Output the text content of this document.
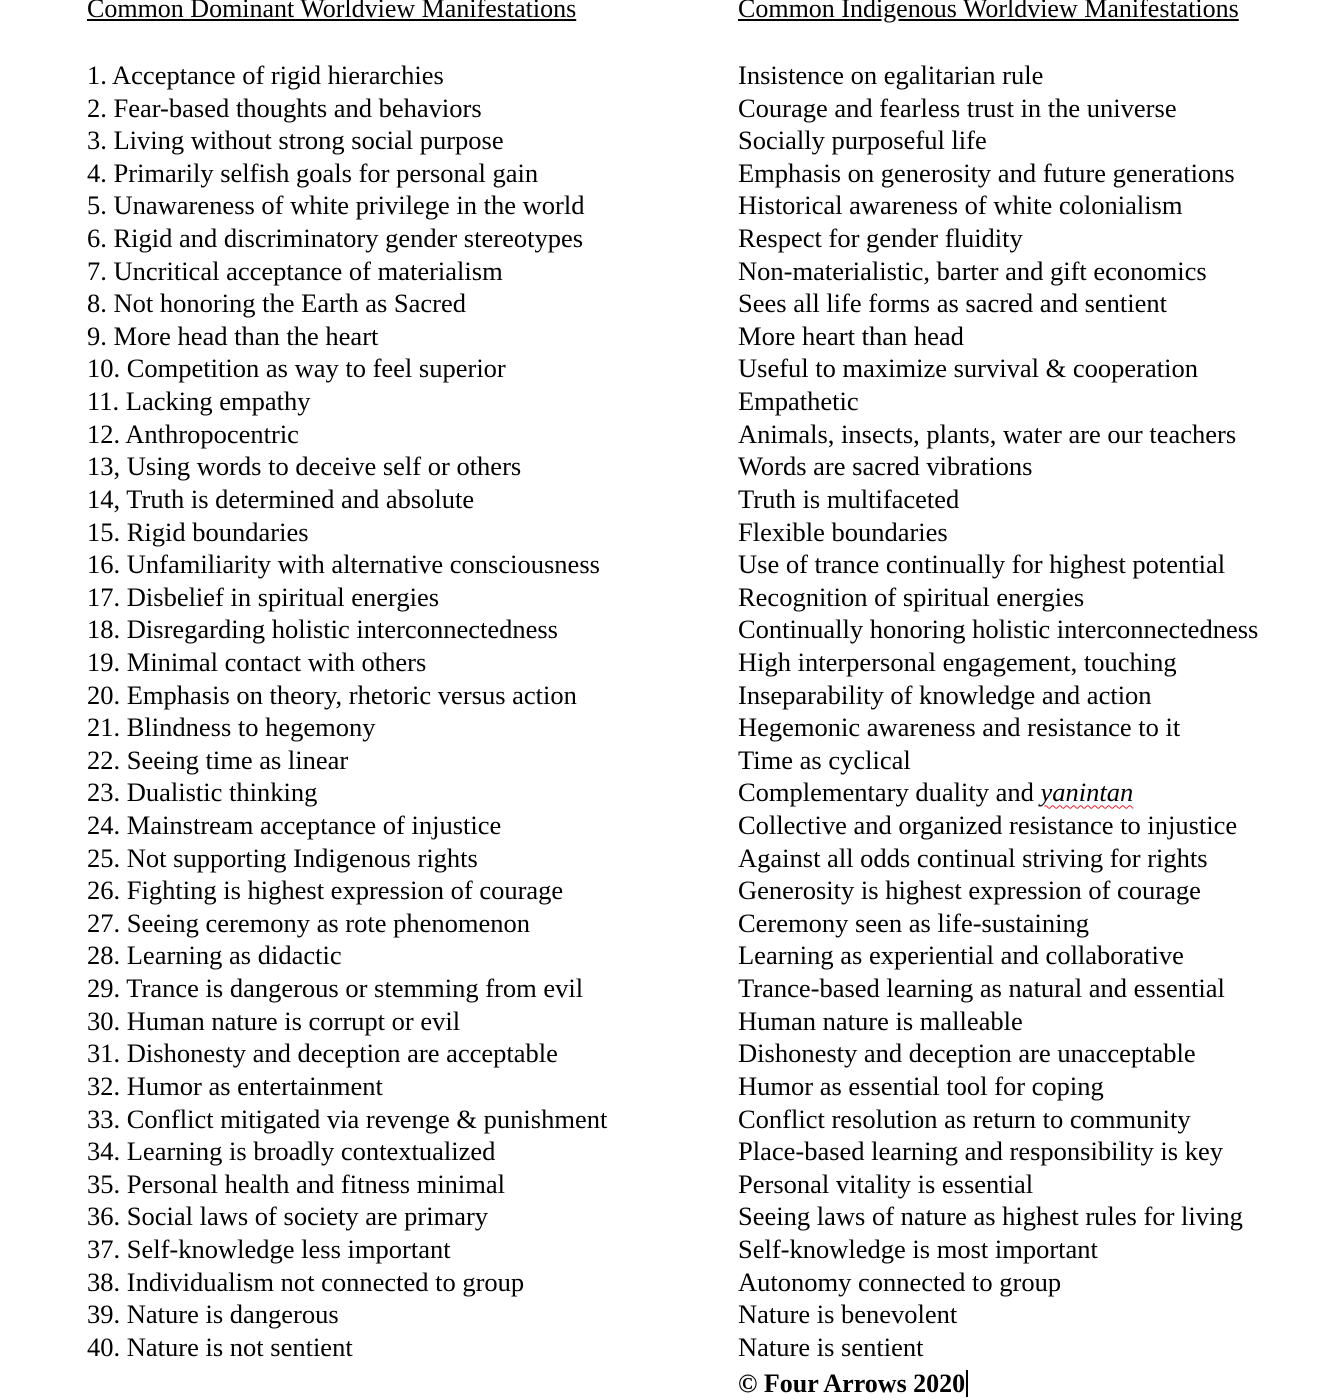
Common Dominant Worldview Manifestations	Common Indigenous Worldview Manifestations
1. Acceptance of rigid hierarchies
2. Fear-based thoughts and behaviors
3. Living without strong social purpose
4. Primarily selfish goals for personal gain
5. Unawareness of white privilege in the world
6. Rigid and discriminatory gender stereotypes
7. Uncritical acceptance of materialism
8. Not honoring the Earth as Sacred
9. More head than the heart
10. Competition as way to feel superior
11. Lacking empathy
12. Anthropocentric
13, Using words to deceive self or others
14, Truth is determined and absolute
15. Rigid boundaries
16. Unfamiliarity with alternative consciousness
17. Disbelief in spiritual energies
18. Disregarding holistic interconnectedness
19. Minimal contact with others
20. Emphasis on theory, rhetoric versus action
21. Blindness to hegemony
22. Seeing time as linear
23. Dualistic thinking
24. Mainstream acceptance of injustice
25. Not supporting Indigenous rights
26. Fighting is highest expression of courage
27. Seeing ceremony as rote phenomenon
28. Learning as didactic
29. Trance is dangerous or stemming from evil
30. Human nature is corrupt or evil
31. Dishonesty and deception are acceptable
32. Humor as entertainment
33. Conflict mitigated via revenge & punishment
34. Learning is broadly contextualized
35. Personal health and fitness minimal
36. Social laws of society are primary
37. Self-knowledge less important
38. Individualism not connected to group
39. Nature is dangerous
40. Nature is not sentient
Insistence on egalitarian rule
Courage and fearless trust in the universe
Socially purposeful life
Emphasis on generosity and future generations
Historical awareness of white colonialism
Respect for gender fluidity
Non-materialistic, barter and gift economics
Sees all life forms as sacred and sentient
More heart than head
Useful to maximize survival & cooperation
Empathetic
Animals, insects, plants, water are our teachers
Words are sacred vibrations
Truth is multifaceted
Flexible boundaries
Use of trance continually for highest potential
Recognition of spiritual energies
Continually honoring holistic interconnectedness
High interpersonal engagement, touching
Inseparability of knowledge and action
Hegemonic awareness and resistance to it
Time as cyclical
Complementary duality and yanintan
Collective and organized resistance to injustice
Against all odds continual striving for rights
Generosity is highest expression of courage
Ceremony seen as life-sustaining
Learning as experiential and collaborative
Trance-based learning as natural and essential
Human nature is malleable
Dishonesty and deception are unacceptable
Humor as essential tool for coping
Conflict resolution as return to community
Place-based learning and responsibility is key
Personal vitality is essential
Seeing laws of nature as highest rules for living
Self-knowledge is most important
Autonomy connected to group
Nature is benevolent
Nature is sentient
© Four Arrows 2020
